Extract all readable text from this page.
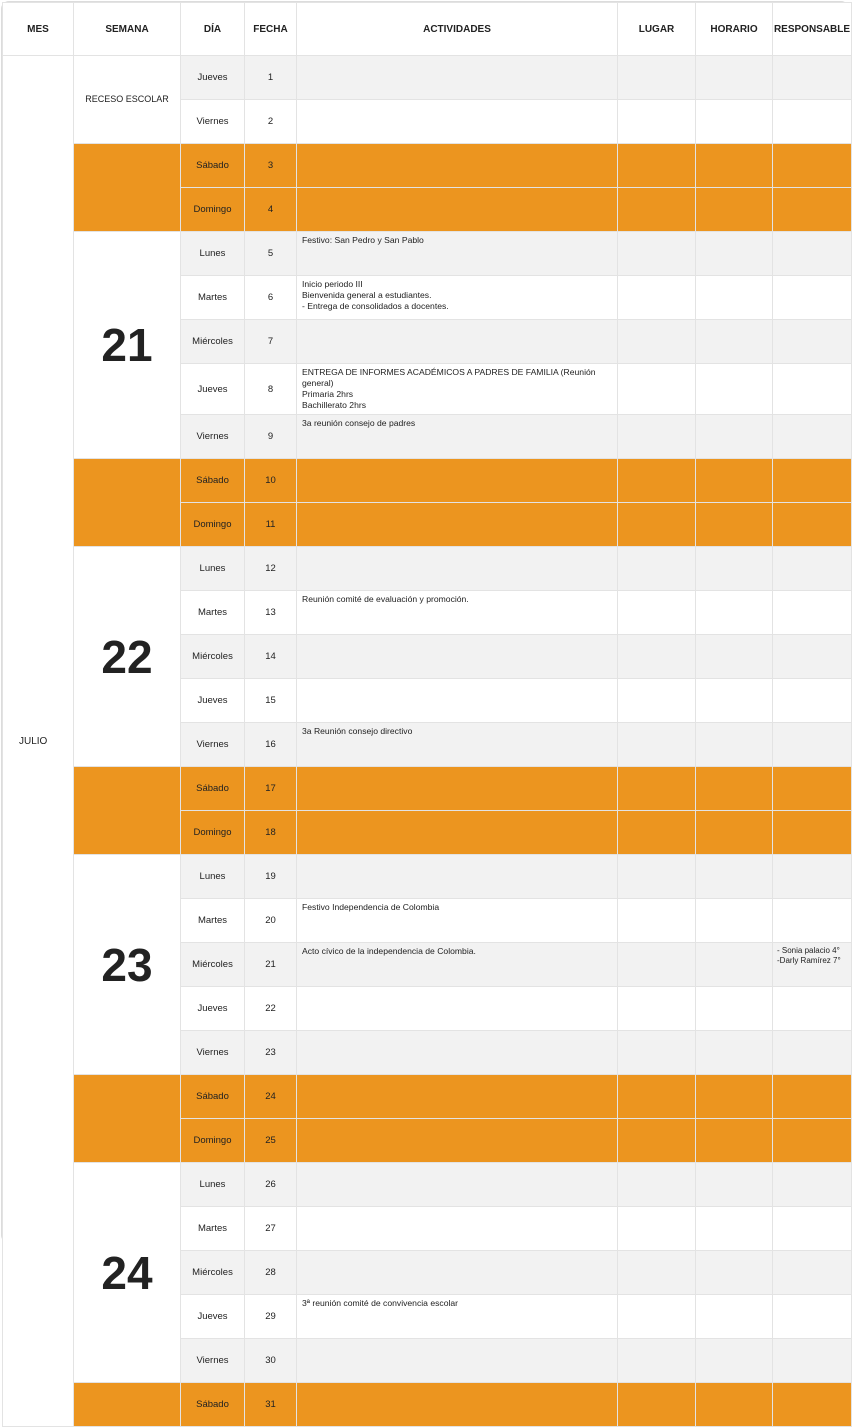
MES	SEMANA	DÍA	FECHA	ACTIVIDADES	LUGAR	HORARIO	RESPONSABLE
JULIO	RECESO ESCOLAR	Jueves	1				
		Viernes	2				
		Sábado	3				
		Domingo	4				
	21	Lunes	5	Festivo: San Pedro y San Pablo			
		Martes	6	Inicio periodo III
Bienvenida general a estudiantes.
- Entrega de consolidados a docentes.			
		Miércoles	7				
		Jueves	8	ENTREGA DE INFORMES ACADÉMICOS A PADRES DE FAMILIA (Reunión general)
Primaria 2hrs
Bachillerato 2hrs			
		Viernes	9	3a reunión consejo de padres			
		Sábado	10				
		Domingo	11				
	22	Lunes	12				
		Martes	13	Reunión comité de evaluación y promoción.			
		Miércoles	14				
		Jueves	15				
		Viernes	16	3a Reunión consejo directivo			
		Sábado	17				
		Domingo	18				
	23	Lunes	19				
		Martes	20	Festivo Independencia de Colombia			
		Miércoles	21	Acto cívico de la independencia de Colombia.			- Sonia palacio 4°
-Darly Ramírez 7°
		Jueves	22				
		Viernes	23				
		Sábado	24				
		Domingo	25				
	24	Lunes	26				
		Martes	27				
		Miércoles	28				
		Jueves	29	3ª reunión comité de convivencia escolar			
		Viernes	30				
		Sábado	31				
